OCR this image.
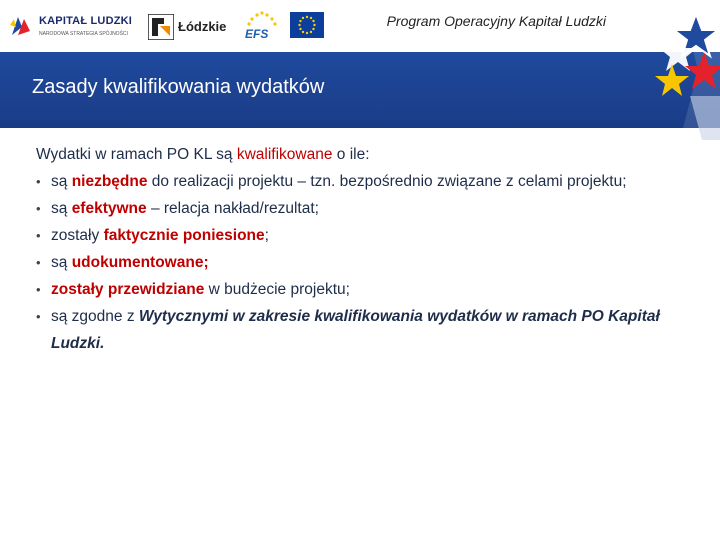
KAPITAŁ LUDZKI
NARODOWA STRATEGIA SPÓJNOŚCI	Łódzkie EFS
Program Operacyjny Kapitał Ludzki
Zasady kwalifikowania wydatków

Wydatki w ramach PO KL są kwalifikowane o ile:

• są niezbędne do realizacji projektu – tzn. bezpośrednio związane z celami projektu;
• są efektywne – relacja nakład/rezultat;
• zostały faktycznie poniesione;
• są udokumentowane;
• zostały przewidziane w budżecie projektu;
• są zgodne z Wytycznymi w zakresie kwalifikowania wydatków w ramach PO Kapitał Ludzki.
